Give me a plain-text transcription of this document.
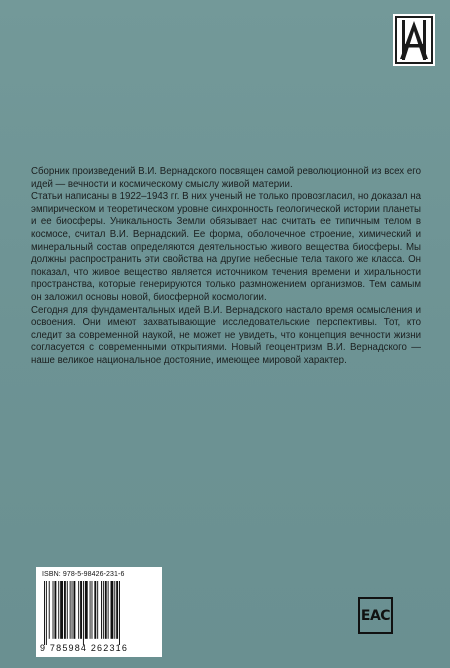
Сборник произведений В.И. Вернадского посвящен самой революционной из всех его идей — вечности и космическому смыслу живой материи.

Статьи написаны в 1922–1943 гг. В них ученый не только провозгласил, но доказал на эмпирическом и теоретическом уровне синхронность геологической истории планеты и ее биосферы. Уникальность Земли обязывает нас считать ее типичным телом в космосе, считал В.И. Вернадский. Ее форма, оболочечное строение, химический и минеральный состав определяются деятельностью живого вещества биосферы. Мы должны распространить эти свойства на другие небесные тела такого же класса. Он показал, что живое вещество является источником течения времени и хиральности пространства, которые генерируются только размножением организмов. Тем самым он заложил основы новой, биосферной космологии.

Сегодня для фундаментальных идей В.И. Вернадского настало время осмысления и освоения. Они имеют захватывающие исследовательские перспективы. Тот, кто следит за современной наукой, не может не увидеть, что концепция вечности жизни согласуется с современными открытиями. Новый геоцентризм В.И. Вернадского — наше великое национальное достояние, имеющее мировой характер.

ISBN: 978-5-98426-231-6
9 785984 262316
EAC
